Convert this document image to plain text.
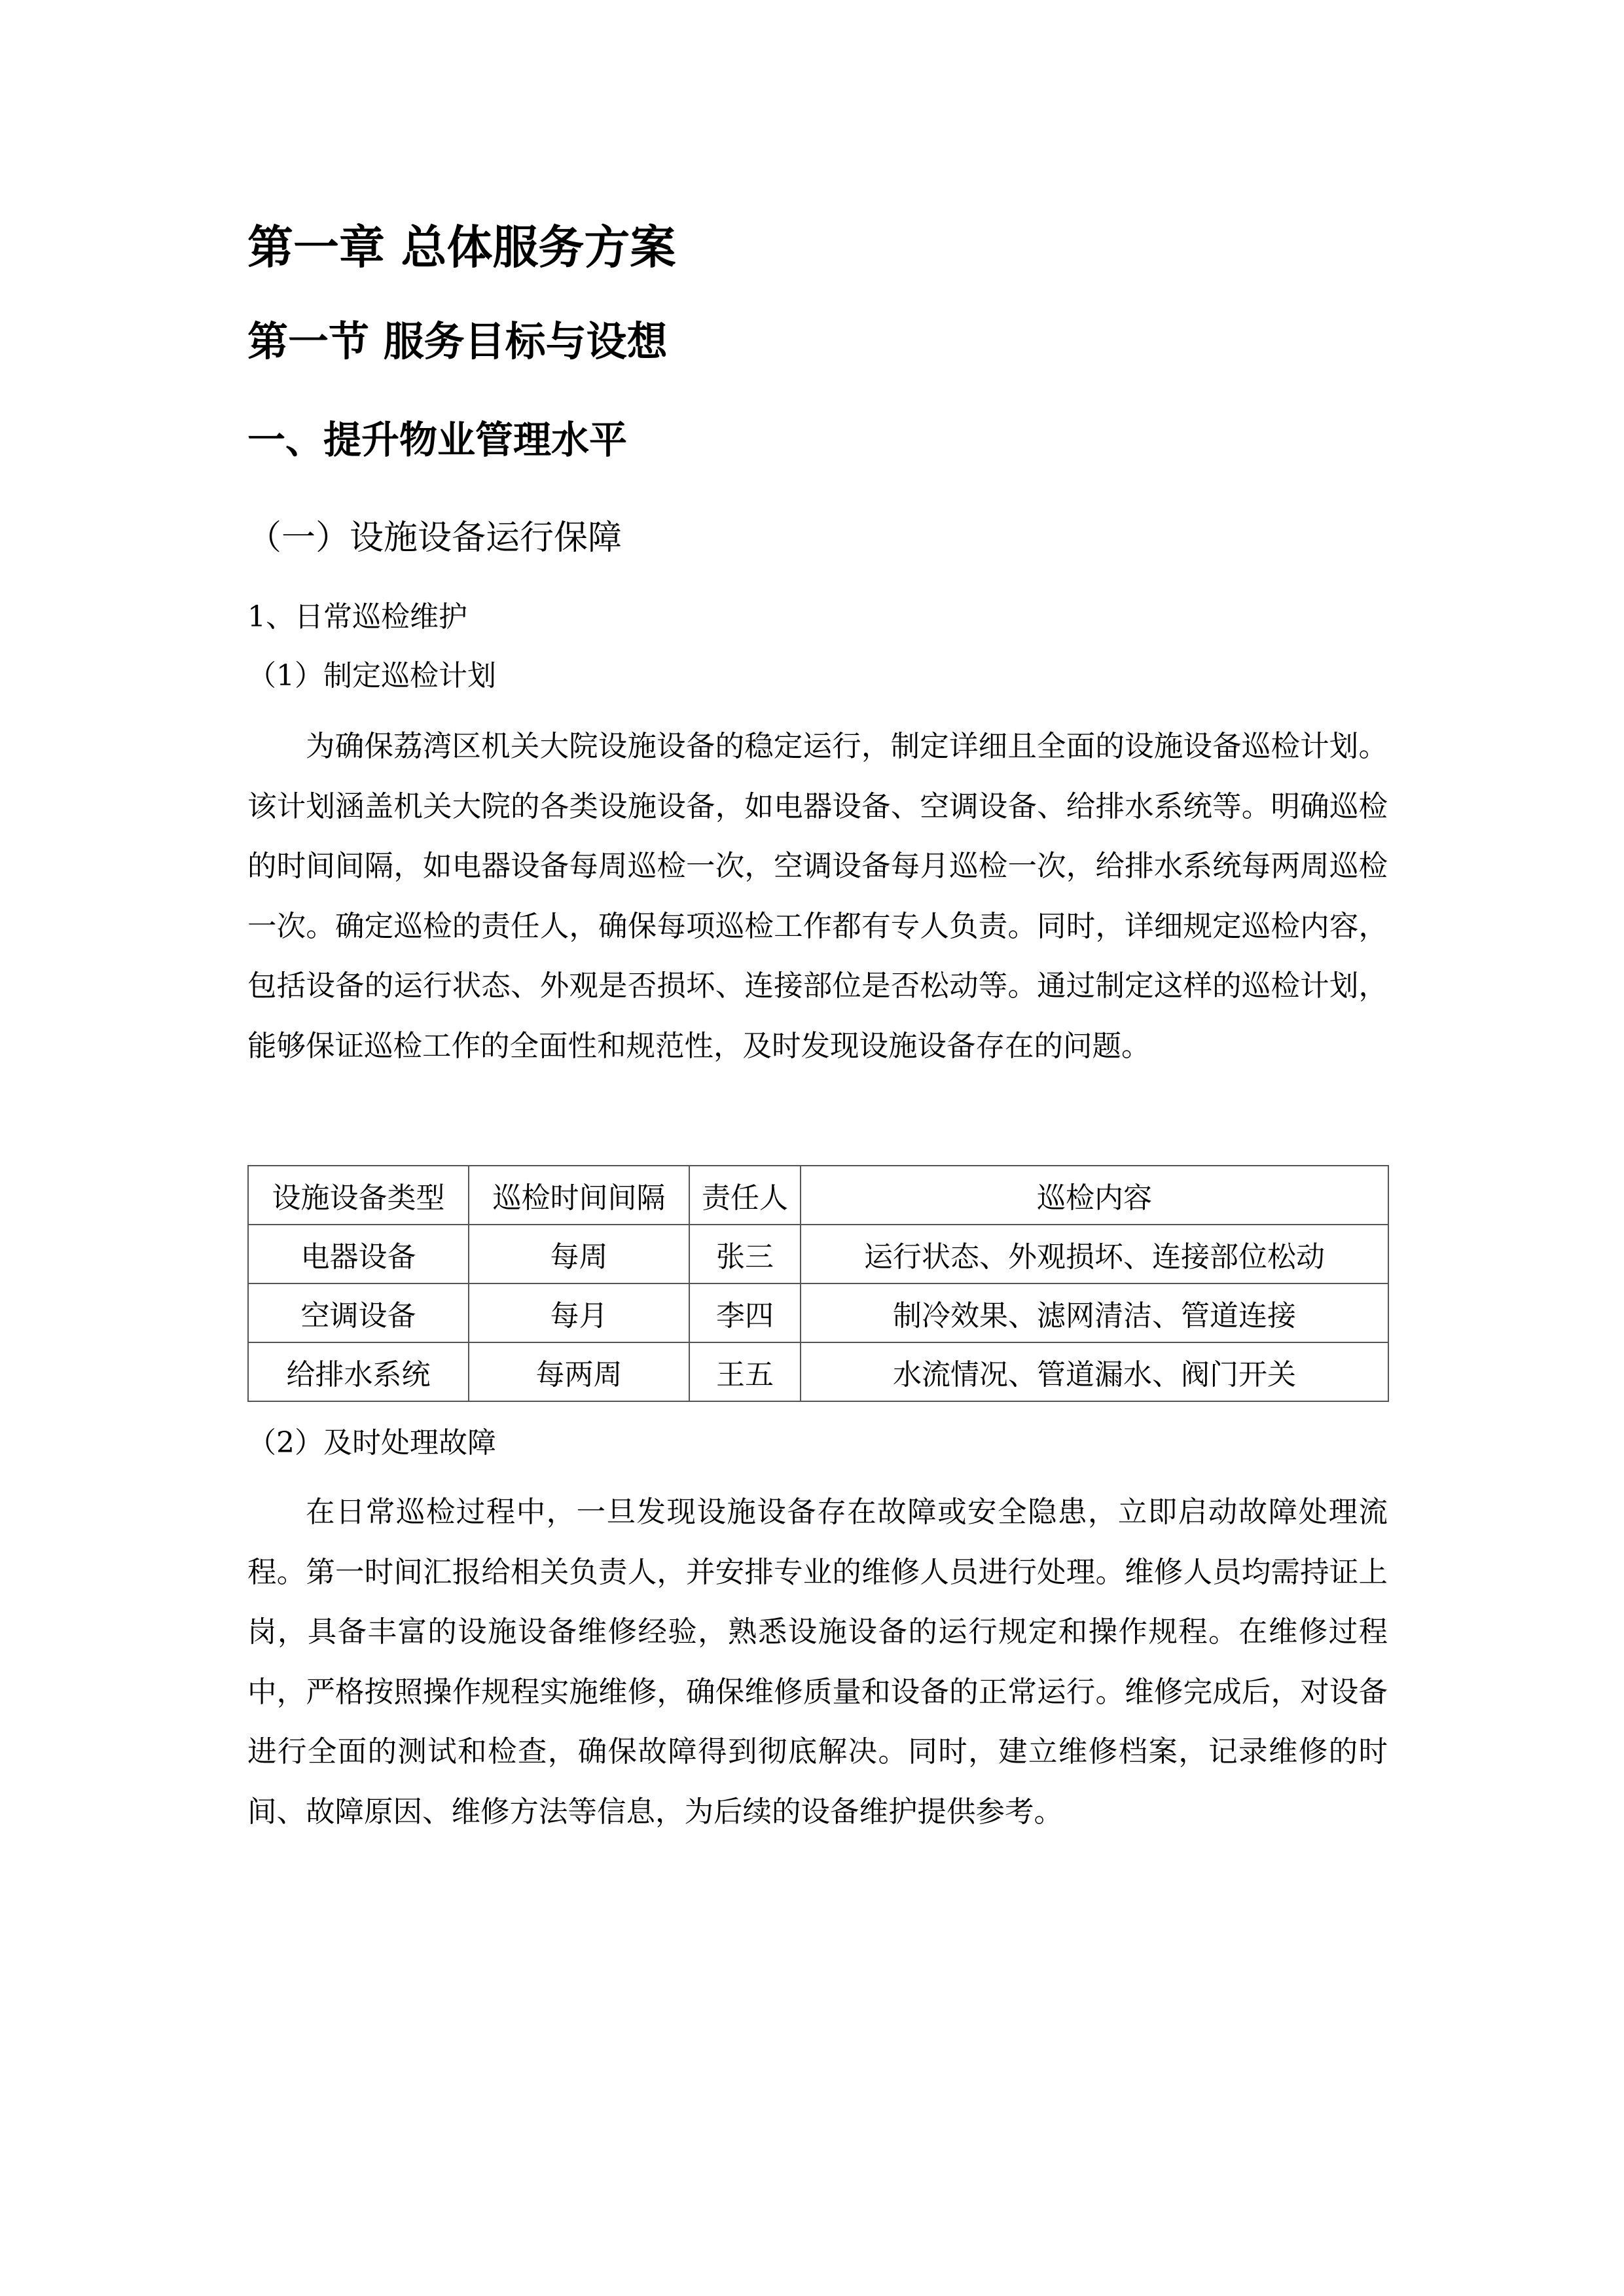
第一章 总体服务方案
第一节 服务目标与设想
一、提升物业管理水平
（一）设施设备运行保障
1、日常巡检维护
（1）制定巡检计划

为确保荔湾区机关大院设施设备的稳定运行，制定详细且全面的设施设备巡检计划。该计划涵盖机关大院的各类设施设备，如电器设备、空调设备、给排水系统等。明确巡检的时间间隔，如电器设备每周巡检一次，空调设备每月巡检一次，给排水系统每两周巡检一次。确定巡检的责任人，确保每项巡检工作都有专人负责。同时，详细规定巡检内容，包括设备的运行状态、外观是否损坏、连接部位是否松动等。通过制定这样的巡检计划，能够保证巡检工作的全面性和规范性，及时发现设施设备存在的问题。

设施设备类型	巡检时间间隔	责任人	巡检内容
电器设备	每周	张三	运行状态、外观损坏、连接部位松动
空调设备	每月	李四	制冷效果、滤网清洁、管道连接
给排水系统	每两周	王五	水流情况、管道漏水、阀门开关
（2）及时处理故障

在日常巡检过程中，一旦发现设施设备存在故障或安全隐患，立即启动故障处理流程。第一时间汇报给相关负责人，并安排专业的维修人员进行处理。维修人员均需持证上岗，具备丰富的设施设备维修经验，熟悉设施设备的运行规定和操作规程。在维修过程中，严格按照操作规程实施维修，确保维修质量和设备的正常运行。维修完成后，对设备进行全面的测试和检查，确保故障得到彻底解决。同时，建立维修档案，记录维修的时间、故障原因、维修方法等信息，为后续的设备维护提供参考。
